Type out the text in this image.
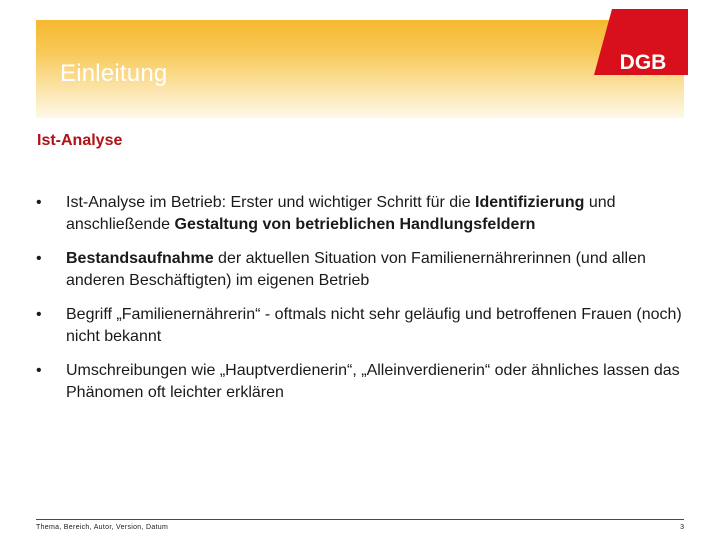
Einleitung	DGB
Ist-Analyse
•	Ist-Analyse im Betrieb: Erster und wichtiger Schritt für die Identifizierung und anschließende Gestaltung von betrieblichen Handlungsfeldern
•	Bestandsaufnahme der aktuellen Situation von Familienernährerinnen (und allen anderen Beschäftigten) im eigenen Betrieb
•	Begriff „Familienernährerin“ - oftmals nicht sehr geläufig und betroffenen Frauen (noch) nicht bekannt
•	Umschreibungen wie „Hauptverdienerin“, „Alleinverdienerin“ oder ähnliches lassen das Phänomen oft leichter erklären
Thema, Bereich, Autor, Version, Datum	3
